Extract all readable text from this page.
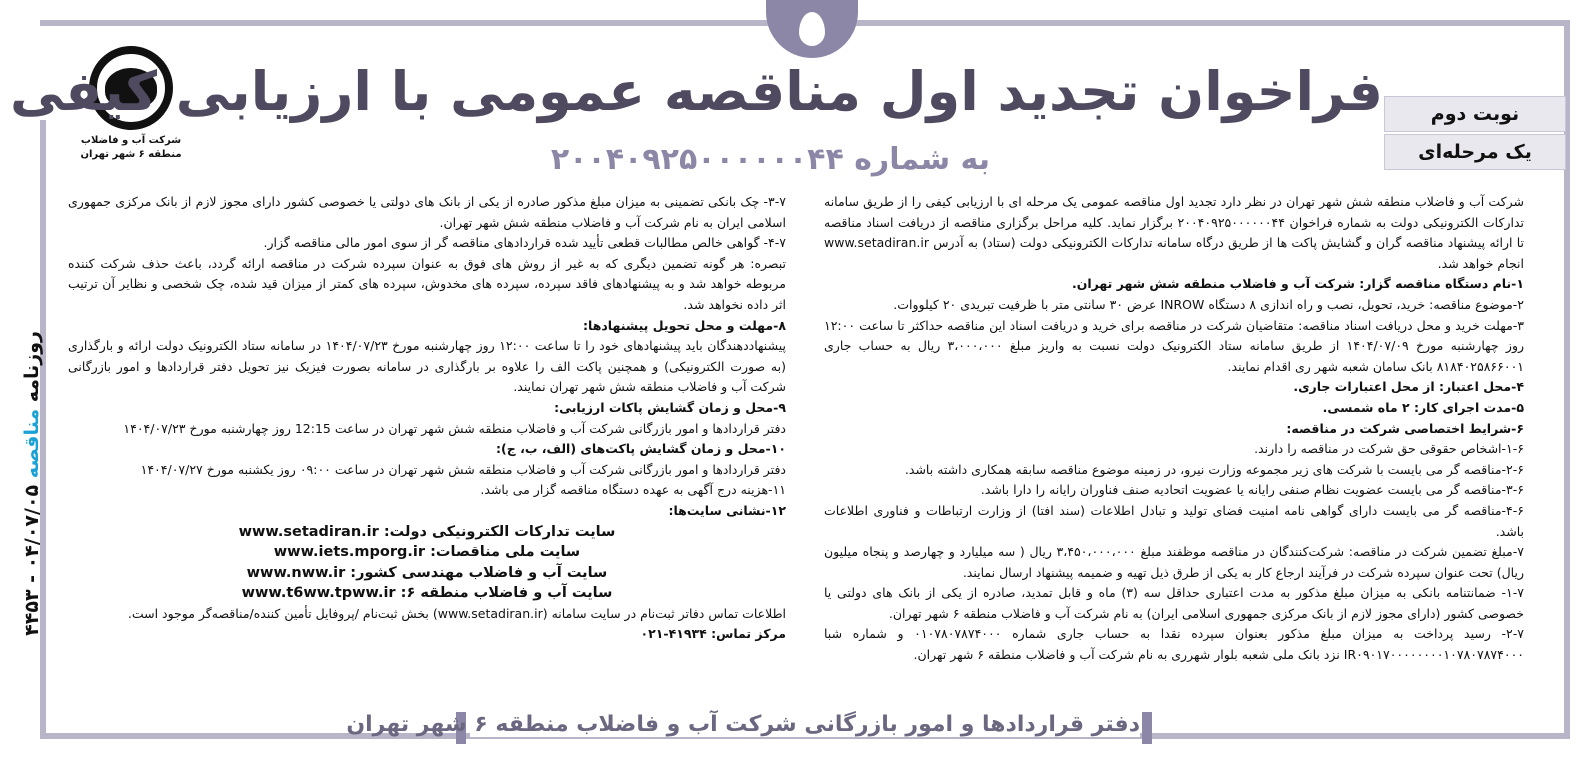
شرکت آب و فاضلاب
منطقه ۶ شهر تهران
فراخوان تجدید اول مناقصه عمومی با ارزیابی کیفی
به شماره ۲۰۰۴۰۹۲۵۰۰۰۰۰۰۴۴
نوبت دوم
یک مرحله‌ای

شرکت آب و فاضلاب منطقه شش شهر تهران در نظر دارد تجدید اول مناقصه عمومی یک مرحله ای با ارزیابی کیفی را از طریق سامانه تدارکات الکترونیکی دولت به شماره فراخوان ۲۰۰۴۰۹۲۵۰۰۰۰۰۰۴۴ برگزار نماید. کلیه مراحل برگزاری مناقصه از دریافت اسناد مناقصه تا ارائه پیشنهاد مناقصه گران و گشایش پاکت ها از طریق درگاه سامانه تدارکات الکترونیکی دولت (ستاد) به آدرس www.setadiran.ir انجام خواهد شد.

۱-نام دستگاه مناقصه گزار: شرکت آب و فاضلاب منطقه شش شهر تهران.

۲-موضوع مناقصه: خرید، تحویل، نصب و راه اندازی ۸ دستگاه INROW عرض ۳۰ سانتی متر با ظرفیت تبریدی ۲۰ کیلووات.

۳-مهلت خرید و محل دریافت اسناد مناقصه: متقاضیان شرکت در مناقصه برای خرید و دریافت اسناد این مناقصه حداکثر تا ساعت ۱۲:۰۰ روز چهارشنبه مورخ ۱۴۰۴/۰۷/۰۹ از طریق سامانه ستاد الکترونیک دولت نسبت به واریز مبلغ ۳،۰۰۰،۰۰۰ ریال به حساب جاری ۸۱۸۴۰۲۵۸۶۶۰۰۱ بانک سامان شعبه شهر ری اقدام نمایند.

۴-محل اعتبار: از محل اعتبارات جاری.

۵-مدت اجرای کار: ۲ ماه شمسی.

۶-شرایط اختصاصی شرکت در مناقصه:

۱-۶-اشخاص حقوقی حق شرکت در مناقصه را دارند.

۲-۶-مناقصه گر می بایست با شرکت های زیر مجموعه وزارت نیرو، در زمینه موضوع مناقصه سابقه همکاری داشته باشد.

۳-۶-مناقصه گر می بایست عضویت نظام صنفی رایانه یا عضویت اتحادیه صنف فناوران رایانه را دارا باشد.

۴-۶-مناقصه گر می بایست دارای گواهی نامه امنیت فضای تولید و تبادل اطلاعات (سند افتا) از وزارت ارتباطات و فناوری اطلاعات باشد.

۷-مبلغ تضمین شرکت در مناقصه: شرکت‌کنندگان در مناقصه موظفند مبلغ ۳،۴۵۰،۰۰۰،۰۰۰ ریال ( سه میلیارد و چهارصد و پنجاه میلیون ریال) تحت عنوان سپرده شرکت در فرآیند ارجاع کار به یکی از طرق ذیل تهیه و ضمیمه پیشنهاد ارسال نمایند.

۱-۷- ضمانتنامه بانکی به میزان مبلغ مذکور به مدت اعتباری حداقل سه (۳) ماه و قابل تمدید، صادره از یکی از بانک های دولتی یا خصوصی کشور (دارای مجوز لازم از بانک مرکزی جمهوری اسلامی ایران) به نام شرکت آب و فاضلاب منطقه ۶ شهر تهران.

۲-۷- رسید پرداخت به میزان مبلغ مذکور بعنوان سپرده نقدا به حساب جاری شماره ۰۱۰۷۸۰۷۸۷۴۰۰۰ و شماره شبا IR۰۹۰۱۷۰۰۰۰۰۰۰۰۱۰۷۸۰۷۸۷۴۰۰۰ نزد بانک ملی شعبه بلوار شهرری به نام شرکت آب و فاضلاب منطقه ۶ شهر تهران.

۳-۷- چک بانکی تضمینی به میزان مبلغ مذکور صادره از یکی از بانک های دولتی یا خصوصی کشور دارای مجوز لازم از بانک مرکزی جمهوری اسلامی ایران به نام شرکت آب و فاضلاب منطقه شش شهر تهران.

۴-۷- گواهی خالص مطالبات قطعی تأیید شده قراردادهای مناقصه گر از سوی امور مالی مناقصه گزار.

تبصره: هر گونه تضمین دیگری که به غیر از روش های فوق به عنوان سپرده شرکت در مناقصه ارائه گردد، باعث حذف شرکت کننده مربوطه خواهد شد و به پیشنهادهای فاقد سپرده، سپرده های مخدوش، سپرده های کمتر از میزان قید شده، چک شخصی و نظایر آن ترتیب اثر داده نخواهد شد.

۸-مهلت و محل تحویل پیشنهادها:

پیشنهاددهندگان باید پیشنهادهای خود را تا ساعت ۱۲:۰۰ روز چهارشنبه مورخ ۱۴۰۴/۰۷/۲۳ در سامانه ستاد الکترونیک دولت ارائه و بارگذاری (به صورت الکترونیکی) و همچنین پاکت الف را علاوه بر بارگذاری در سامانه بصورت فیزیک نیز تحویل دفتر قراردادها و امور بازرگانی شرکت آب و فاضلاب منطقه شش شهر تهران نمایند.

۹-محل و زمان گشایش پاکات ارزیابی:

دفتر قراردادها و امور بازرگانی شرکت آب و فاضلاب منطقه شش شهر تهران در ساعت 12:15 روز چهارشنبه مورخ ۱۴۰۴/۰۷/۲۳

۱۰-محل و زمان گشایش پاکت‌های (الف، ب، ج):

دفتر قراردادها و امور بازرگانی شرکت آب و فاضلاب منطقه شش شهر تهران در ساعت ۰۹:۰۰ روز یکشنبه مورخ ۱۴۰۴/۰۷/۲۷

۱۱-هزینه درج آگهی به عهده دستگاه مناقصه گزار می باشد.

۱۲-نشانی سایت‌ها:

سایت تدارکات الکترونیکی دولت: www.setadiran.ir

سایت ملی مناقصات: www.iets.mporg.ir

سایت آب و فاضلاب مهندسی کشور: www.nww.ir

سایت آب و فاضلاب منطقه ۶: www.t6ww.tpww.ir

اطلاعات تماس دفاتر ثبت‌نام در سایت سامانه (www.setadiran.ir) بخش ثبت‌نام /پروفایل تأمین کننده/مناقصه‌گر موجود است.

مرکز تماس: ۴۱۹۳۴-۰۲۱

روزنامه مناقصه ۰۴/۰۷/۰۵ - ۴۴۵۳
دفتر قراردادها و امور بازرگانی شرکت آب و فاضلاب منطقه ۶ شهر تهران
